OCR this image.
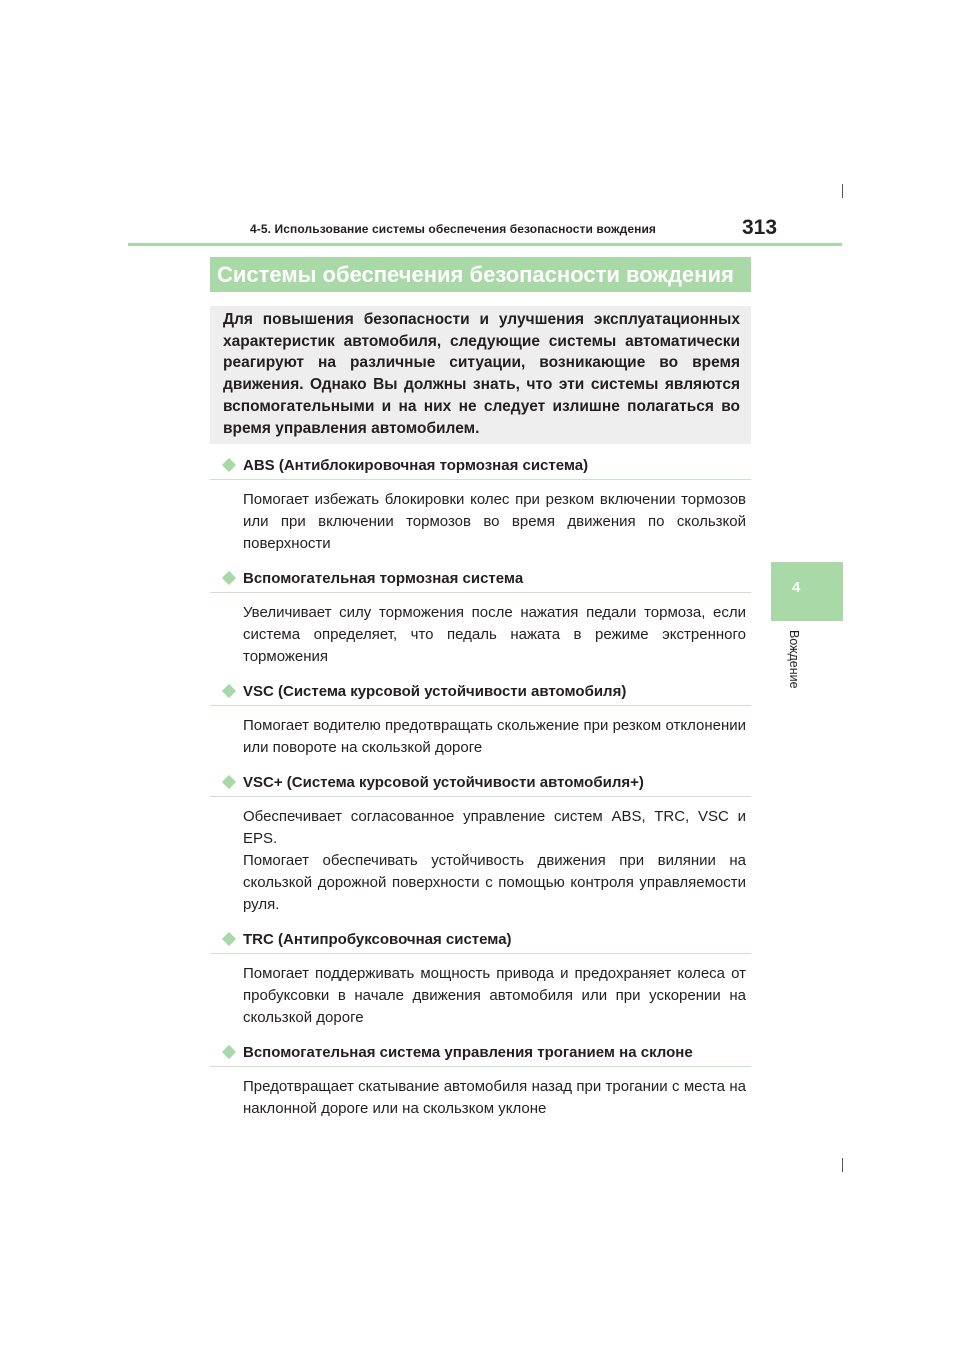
4-5. Использование системы обеспечения безопасности вождения	313
Системы обеспечения безопасности вождения
Для повышения безопасности и улучшения эксплуатационных характеристик автомобиля, следующие системы автоматически реагируют на различные ситуации, возникающие во время движения. Однако Вы должны знать, что эти системы являются вспомогательными и на них не следует излишне полагаться во время управления автомобилем.
4
Вождение
ABS (Антиблокировочная тормозная система)

Помогает избежать блокировки колес при резком включении тормозов или при включении тормозов во время движения по скользкой поверхности

Вспомогательная тормозная система

Увеличивает силу торможения после нажатия педали тормоза, если система определяет, что педаль нажата в режиме экстренного торможения

VSC (Система курсовой устойчивости автомобиля)

Помогает водителю предотвращать скольжение при резком отклонении или повороте на скользкой дороге

VSC+ (Система курсовой устойчивости автомобиля+)

Обеспечивает согласованное управление систем ABS, TRC, VSC и EPS.

Помогает обеспечивать устойчивость движения при вилянии на скользкой дорожной поверхности с помощью контроля управляемости руля.

TRC (Антипробуксовочная система)

Помогает поддерживать мощность привода и предохраняет колеса от пробуксовки в начале движения автомобиля или при ускорении на скользкой дороге

Вспомогательная система управления троганием на склоне

Предотвращает скатывание автомобиля назад при трогании с места на наклонной дороге или на скользком уклоне
